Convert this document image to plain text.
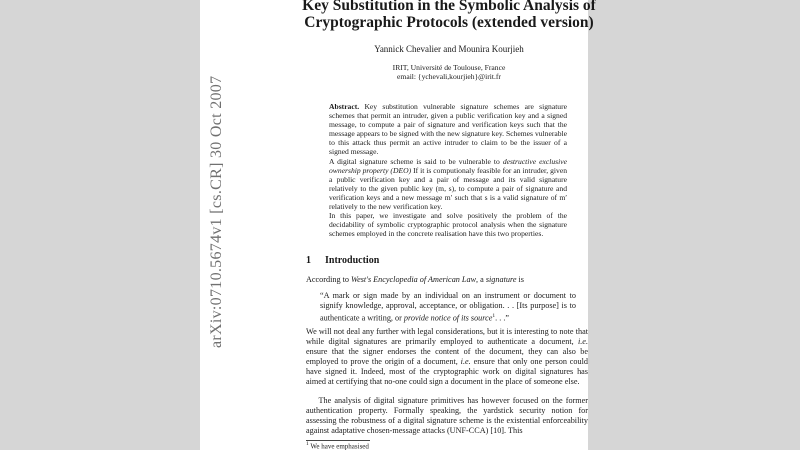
arXiv:0710.5674v1 [cs.CR] 30 Oct 2007
Key Substitution in the Symbolic Analysis of
Cryptographic Protocols (extended version)
Yannick Chevalier and Mounira Kourjieh
IRIT, Université de Toulouse, France
email: {ychevali,kourjieh}@irit.fr

Abstract. Key substitution vulnerable signature schemes are signature schemes that permit an intruder, given a public verification key and a signed message, to compute a pair of signature and verification keys such that the message appears to be signed with the new signature key. Schemes vulnerable to this attack thus permit an active intruder to claim to be the issuer of a signed message.

A digital signature scheme is said to be vulnerable to destructive exclusive ownership property (DEO) If it is computionaly feasible for an intruder, given a public verification key and a pair of message and its valid signature relatively to the given public key (m, s), to compute a pair of signature and verification keys and a new message m′ such that s is a valid signature of m′ relatively to the new verification key.

In this paper, we investigate and solve positively the problem of the decidability of symbolic cryptographic protocol analysis when the signature schemes employed in the concrete realisation have this two properties.

1 Introduction
According to West's Encyclopedia of American Law, a signature is
“A mark or sign made by an individual on an instrument or document to signify knowledge, approval, acceptance, or obligation. . . [Its purpose] is to authenticate a writing, or provide notice of its source$^1$. . .”
We will not deal any further with legal considerations, but it is interesting to note that while digital signatures are primarily employed to authenticate a document, i.e. ensure that the signer endorses the content of the document, they can also be employed to prove the origin of a document, i.e. ensure that only one person could have signed it. Indeed, most of the cryptographic work on digital signatures has aimed at certifying that no-one could sign a document in the place of someone else.
The analysis of digital signature primitives has however focused on the former authentication property. Formally speaking, the yardstick security notion for assessing the robustness of a digital signature scheme is the existential enforceability against adaptative chosen-message attacks (UNF-CCA) [10]. This
$^1$ We have emphasised
